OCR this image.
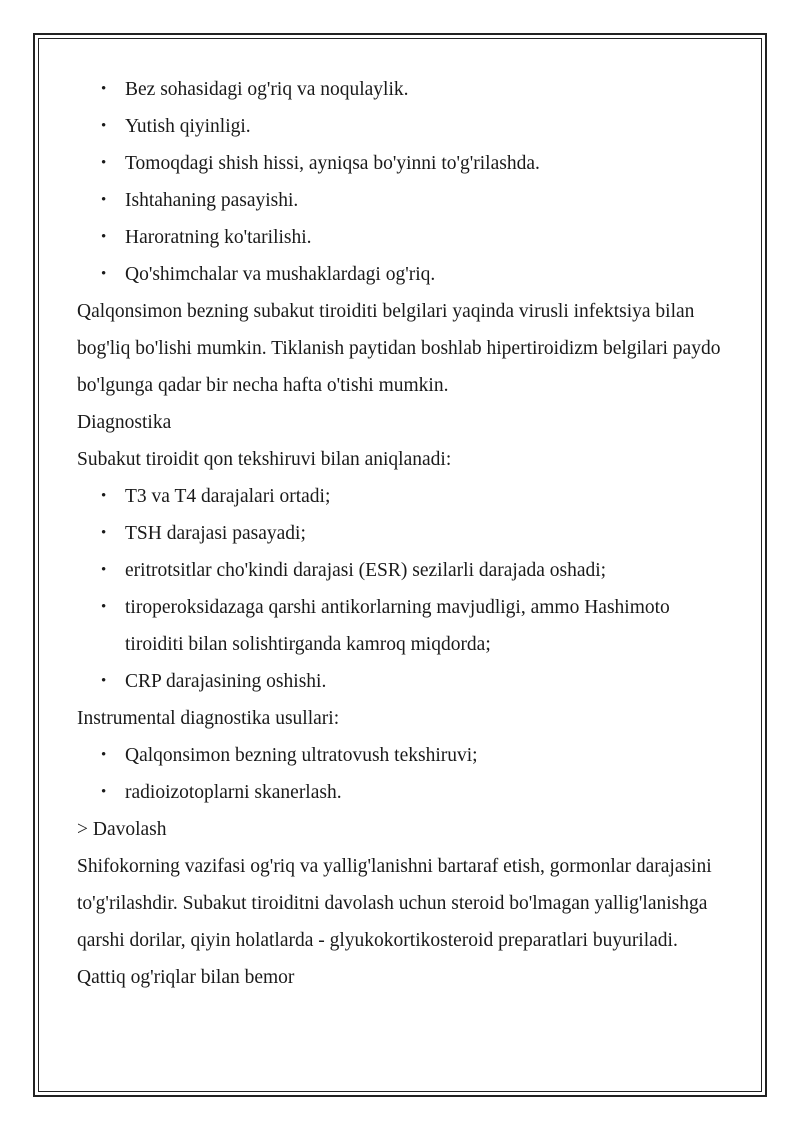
• Bez sohasidagi og'riq va noqulaylik.
• Yutish qiyinligi.
• Tomoqdagi shish hissi, ayniqsa bo'yinni to'g'rilashda.
• Ishtahaning pasayishi.
• Haroratning ko'tarilishi.
• Qo'shimchalar va mushaklardagi og'riq.

Qalqonsimon bezning subakut tiroiditi belgilari yaqinda virusli infektsiya bilan bog'liq bo'lishi mumkin. Tiklanish paytidan boshlab hipertiroidizm belgilari paydo bo'lgunga qadar bir necha hafta o'tishi mumkin.

Diagnostika

Subakut tiroidit qon tekshiruvi bilan aniqlanadi:

• T3 va T4 darajalari ortadi;
• TSH darajasi pasayadi;
• eritrotsitlar cho'kindi darajasi (ESR) sezilarli darajada oshadi;
• tiroperoksidazaga qarshi antikorlarning mavjudligi, ammo Hashimoto tiroiditi bilan solishtirganda kamroq miqdorda;
• CRP darajasining oshishi.

Instrumental diagnostika usullari:

• Qalqonsimon bezning ultratovush tekshiruvi;
• radioizotoplarni skanerlash.

> Davolash

Shifokorning vazifasi og'riq va yallig'lanishni bartaraf etish, gormonlar darajasini to'g'rilashdir. Subakut tiroiditni davolash uchun steroid bo'lmagan yallig'lanishga qarshi dorilar, qiyin holatlarda - glyukokortikosteroid preparatlari buyuriladi. Qattiq og'riqlar bilan bemor
